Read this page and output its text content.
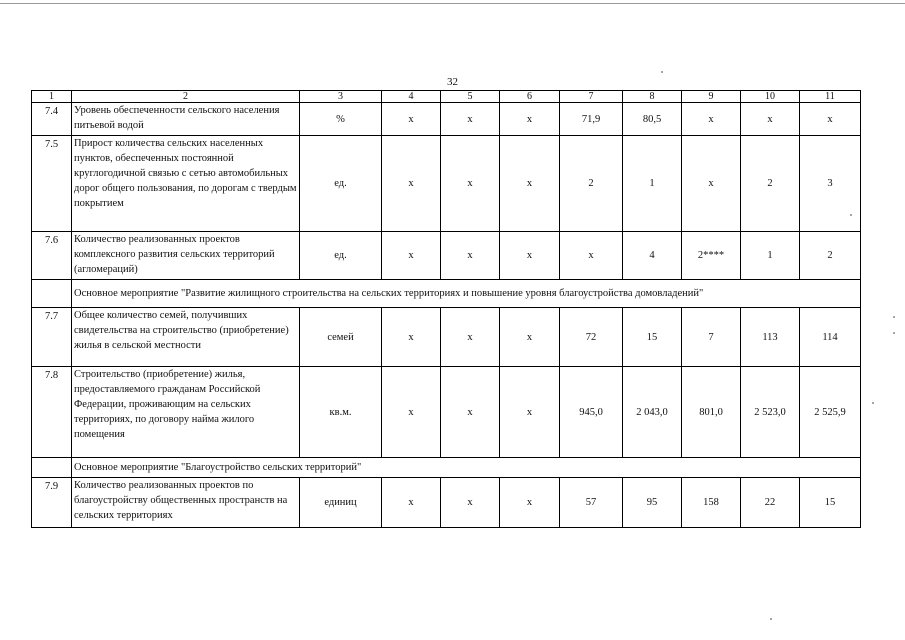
32
1	2	3	4	5	6	7	8	9	10	11
7.4	Уровень обеспеченности сельского населения питьевой водой	%	x	x	x	71,9	80,5	x	x	x
7.5	Прирост количества сельских населенных пунктов, обеспеченных постоянной круглогодичной связью с сетью автомобильных дорог общего пользования, по дорогам с твердым покрытием	ед.	x	x	x	2	1	x	2	3
7.6	Количество реализованных проектов комплексного развития сельских территорий (агломераций)	ед.	x	x	x	x	4	2****	1	2
	Основное мероприятие "Развитие жилищного строительства на сельских территориях и повышение уровня благоустройства домовладений"									
7.7	Общее количество семей, получивших свидетельства на строительство (приобретение) жилья в сельской местности	семей	x	x	x	72	15	7	113	114
7.8	Строительство (приобретение) жилья, предоставляемого гражданам Российской Федерации, проживающим на сельских территориях, по договору найма жилого помещения	кв.м.	x	x	x	945,0	2 043,0	801,0	2 523,0	2 525,9
	Основное мероприятие "Благоустройство сельских территорий"									
7.9	Количество реализованных проектов по благоустройству общественных пространств на сельских территориях	единиц	x	x	x	57	95	158	22	15
